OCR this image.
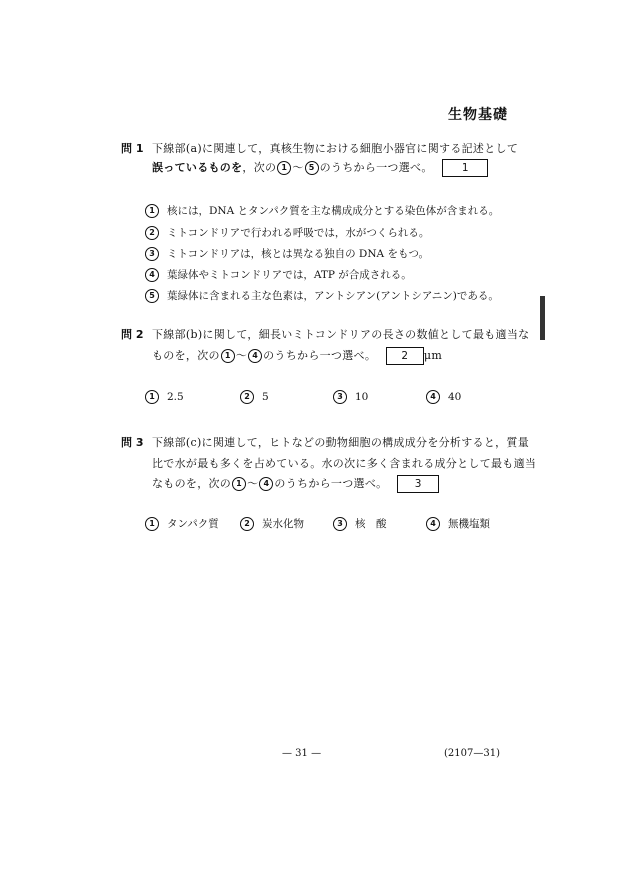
生物基礎
問 1 下線部(a)に関連して，真核生物における細胞小器官に関する記述として
誤っているものを，次の 1 ～ 5 のうちから一つ選べ。	1
1 核には，DNA とタンパク質を主な構成成分とする染色体が含まれる。
2 ミトコンドリアで行われる呼吸では，水がつくられる。
3 ミトコンドリアは，核とは異なる独自の DNA をもつ。
4 葉緑体やミトコンドリアでは，ATP が合成される。
5 葉緑体に含まれる主な色素は，アントシアン(アントシアニン)である。
問 2 下線部(b)に関して，細長いミトコンドリアの長さの数値として最も適当な
ものを，次の 1 ～ 4 のうちから一つ選べ。 2 μm
1 2.5	2 5	3 10	4 40
問 3 下線部(c)に関連して，ヒトなどの動物細胞の構成成分を分析すると，質量
比で水が最も多くを占めている。水の次に多く含まれる成分として最も適当
なものを，次の 1 ～ 4 のうちから一つ選べ。	3
1 タンパク質	2 炭水化物	3 核　酸	4 無機塩類
— 31 —	(2107—31)
